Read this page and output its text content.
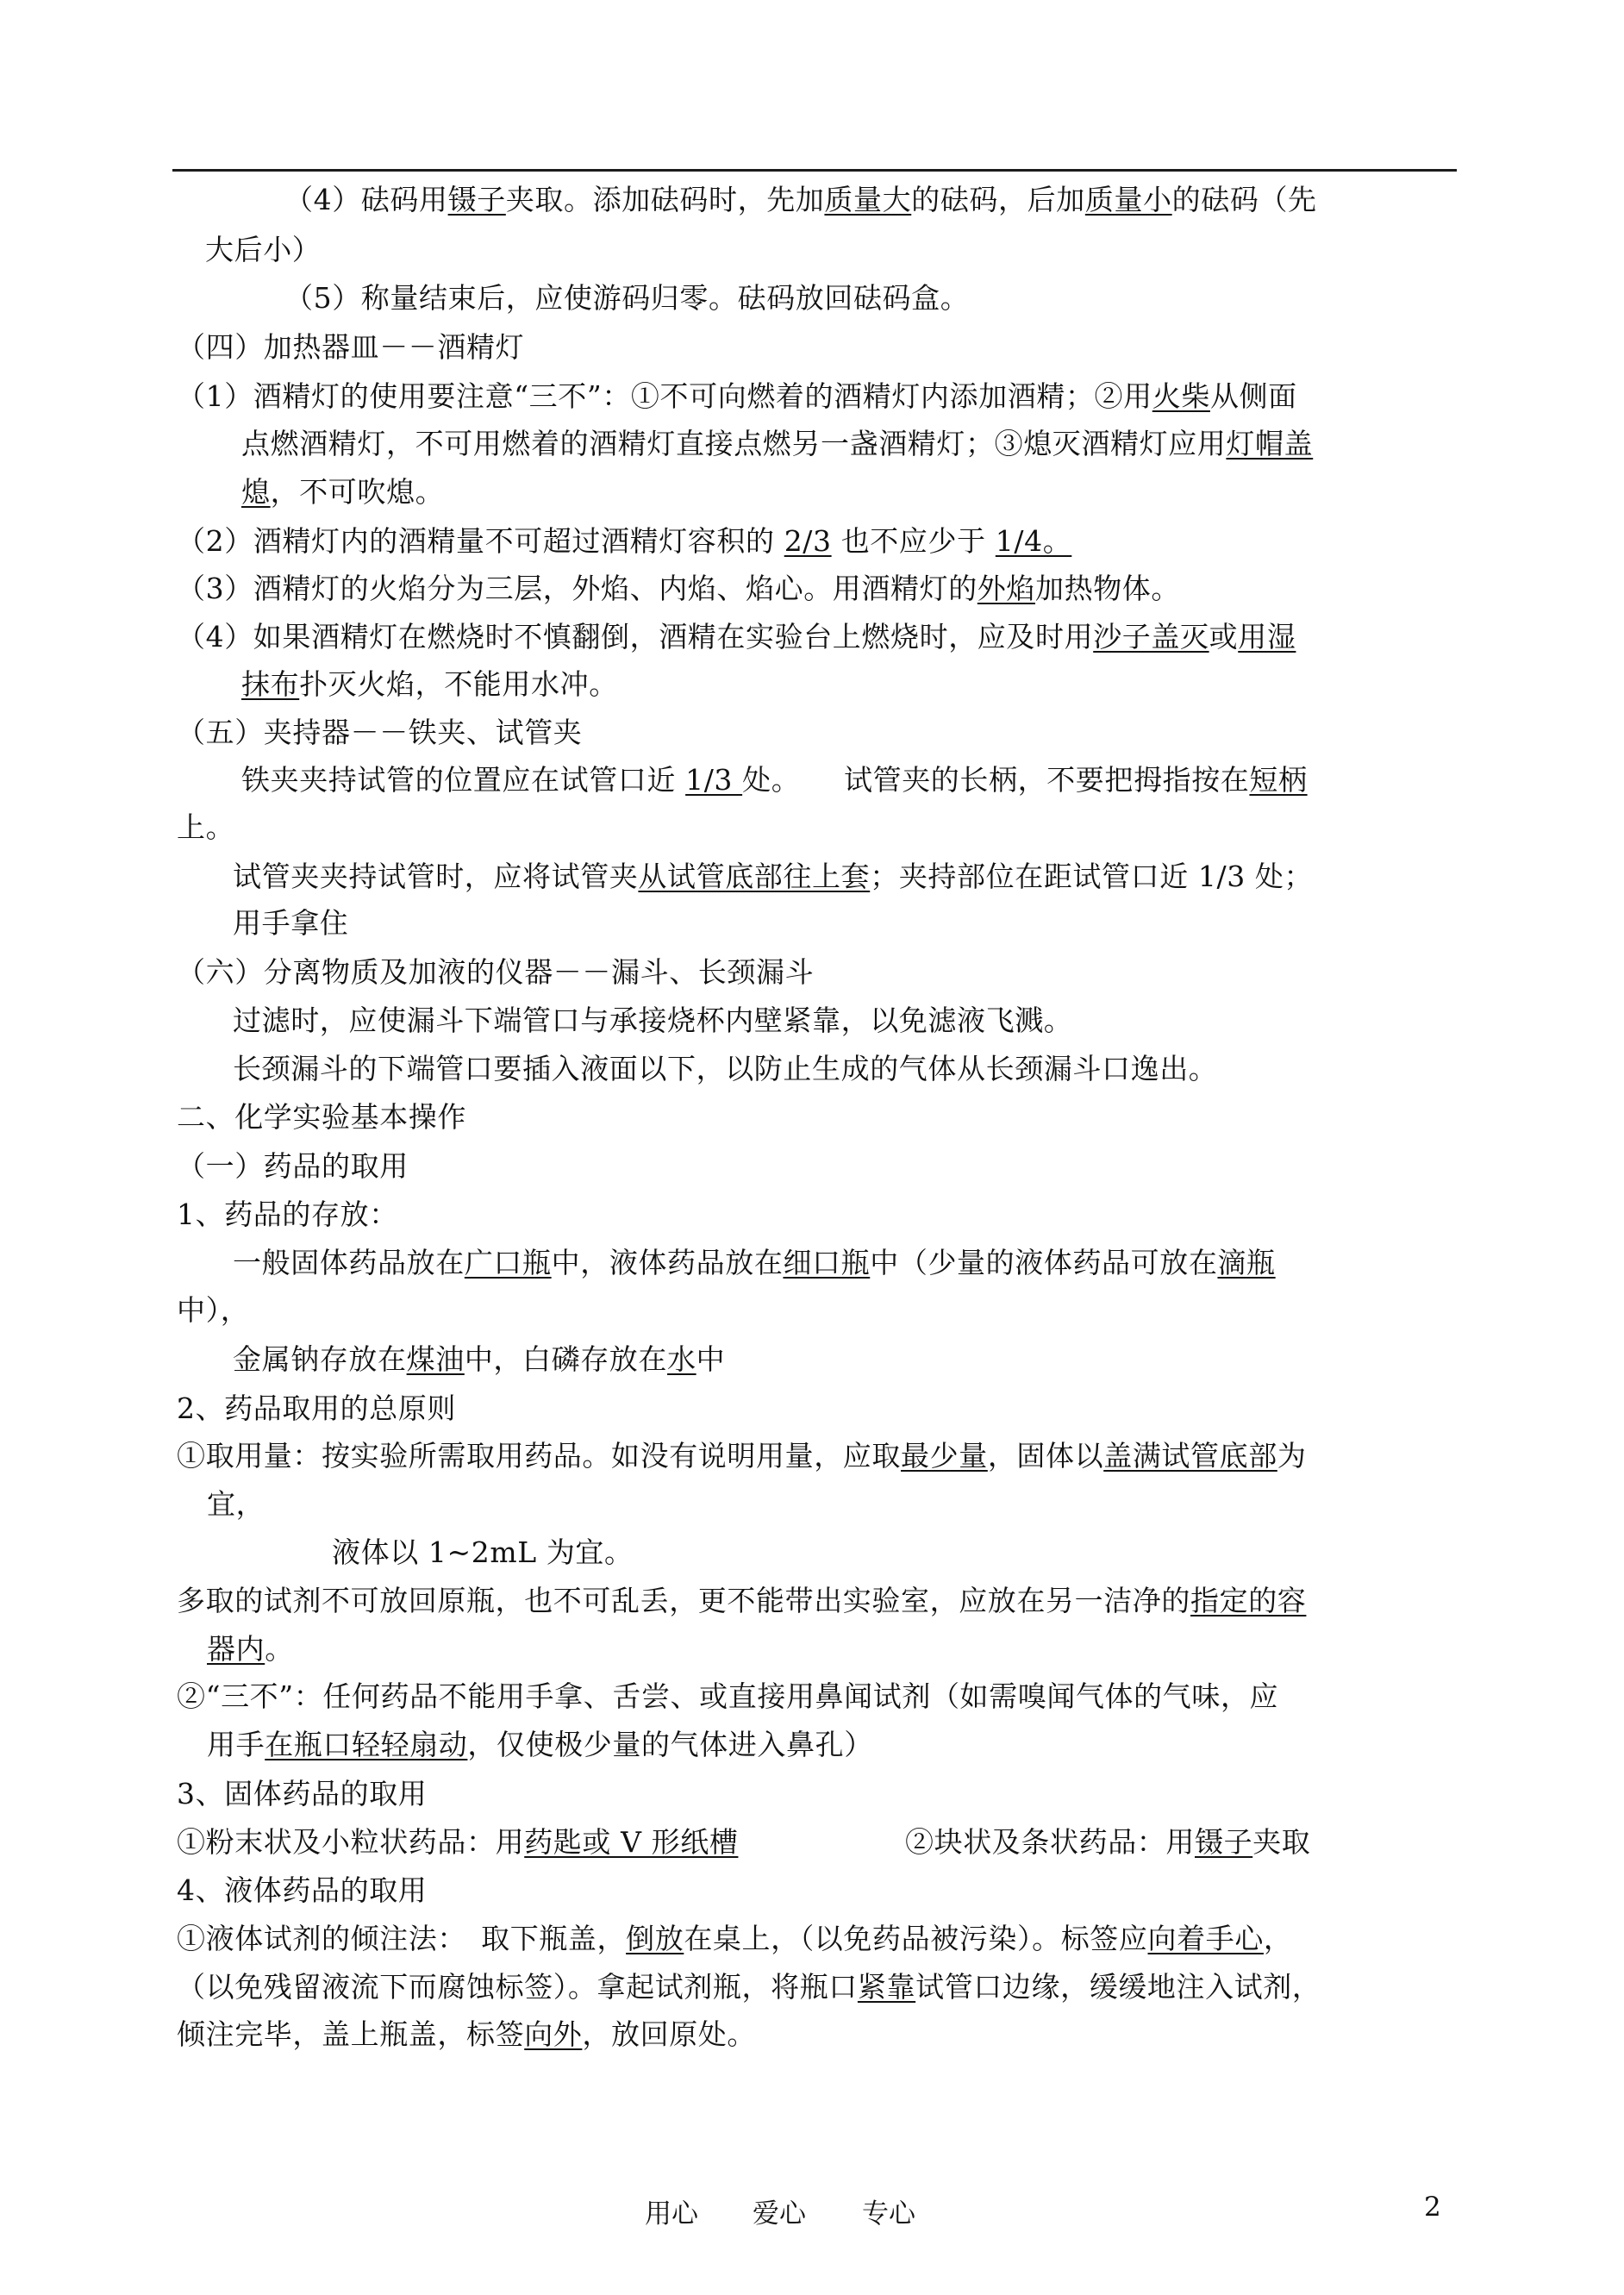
（4）砝码用镊子夹取。添加砝码时，先加质量大的砝码，后加质量小的砝码（先
大后小）
（5）称量结束后，应使游码归零。砝码放回砝码盒。
（四）加热器皿－－酒精灯
（1）酒精灯的使用要注意“三不”：①不可向燃着的酒精灯内添加酒精；②用火柴从侧面
点燃酒精灯，不可用燃着的酒精灯直接点燃另一盏酒精灯；③熄灭酒精灯应用灯帽盖
熄，不可吹熄。
（2）酒精灯内的酒精量不可超过酒精灯容积的 2/3 也不应少于 1/4。
（3）酒精灯的火焰分为三层，外焰、内焰、焰心。用酒精灯的外焰加热物体。
（4）如果酒精灯在燃烧时不慎翻倒，酒精在实验台上燃烧时，应及时用沙子盖灭或用湿
抹布扑灭火焰，不能用水冲。
（五）夹持器－－铁夹、试管夹
铁夹夹持试管的位置应在试管口近 1/3 处。　　试管夹的长柄，不要把拇指按在短柄
上。
试管夹夹持试管时，应将试管夹从试管底部往上套；夹持部位在距试管口近 1/3 处；
用手拿住
（六）分离物质及加液的仪器－－漏斗、长颈漏斗
过滤时，应使漏斗下端管口与承接烧杯内壁紧靠，以免滤液飞溅。
长颈漏斗的下端管口要插入液面以下，以防止生成的气体从长颈漏斗口逸出。
二、化学实验基本操作
（一）药品的取用
1、药品的存放：
一般固体药品放在广口瓶中，液体药品放在细口瓶中（少量的液体药品可放在滴瓶
中），
金属钠存放在煤油中，白磷存放在水中
2、药品取用的总原则
①取用量：按实验所需取用药品。如没有说明用量，应取最少量，固体以盖满试管底部为
宜，
液体以 1~2mL 为宜。
多取的试剂不可放回原瓶，也不可乱丢，更不能带出实验室，应放在另一洁净的指定的容
器内。
②“三不”：任何药品不能用手拿、舌尝、或直接用鼻闻试剂（如需嗅闻气体的气味，应
用手在瓶口轻轻扇动，仅使极少量的气体进入鼻孔）
3、固体药品的取用
①粉末状及小粒状药品：用药匙或 V 形纸槽	②块状及条状药品：用镊子夹取
4、液体药品的取用
①液体试剂的倾注法：　取下瓶盖，倒放在桌上，（以免药品被污染）。标签应向着手心，
（以免残留液流下而腐蚀标签）。拿起试剂瓶，将瓶口紧靠试管口边缘，缓缓地注入试剂，
倾注完毕，盖上瓶盖，标签向外，放回原处。
用心 爱心 专心	2
